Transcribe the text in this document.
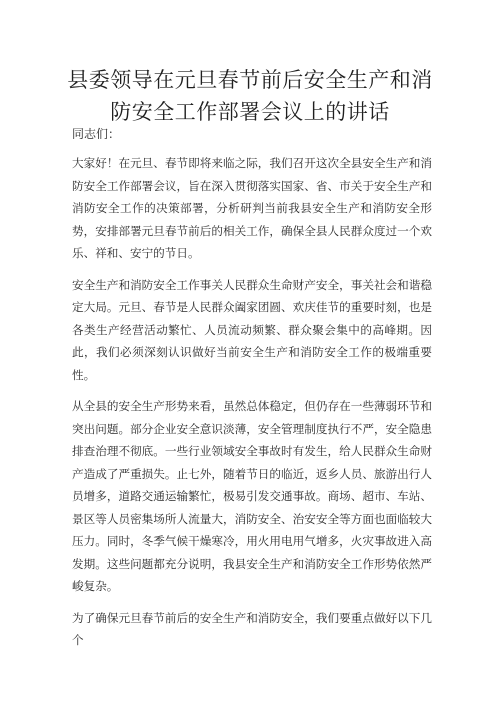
县委领导在元旦春节前后安全生产和消
防安全工作部署会议上的讲话
同志们：

大家好！在元旦、春节即将来临之际，我们召开这次全县安全生产和消防安全工作部署会议，旨在深入贯彻落实国家、省、市关于安全生产和消防安全工作的决策部署，分析研判当前我县安全生产和消防安全形势，安排部署元旦春节前后的相关工作，确保全县人民群众度过一个欢乐、祥和、安宁的节日。

安全生产和消防安全工作事关人民群众生命财产安全，事关社会和谐稳定大局。元旦、春节是人民群众阖家团圆、欢庆佳节的重要时刻，也是各类生产经营活动繁忙、人员流动频繁、群众聚会集中的高峰期。因此，我们必须深刻认识做好当前安全生产和消防安全工作的极端重要性。

从全县的安全生产形势来看，虽然总体稳定，但仍存在一些薄弱环节和突出问题。部分企业安全意识淡薄，安全管理制度执行不严，安全隐患排查治理不彻底。一些行业领域安全事故时有发生，给人民群众生命财产造成了严重损失。止七外，随着节日的临近，返乡人员、旅游出行人员增多，道路交通运输繁忙，极易引发交通事故。商场、超市、车站、景区等人员密集场所人流量大，消防安全、治安安全等方面也面临较大压力。同时，冬季气候干燥寒冷，用火用电用气增多，火灾事故进入高发期。这些问题都充分说明，我县安全生产和消防安全工作形势依然严峻复杂。

为了确保元旦春节前后的安全生产和消防安全，我们要重点做好以下几个
